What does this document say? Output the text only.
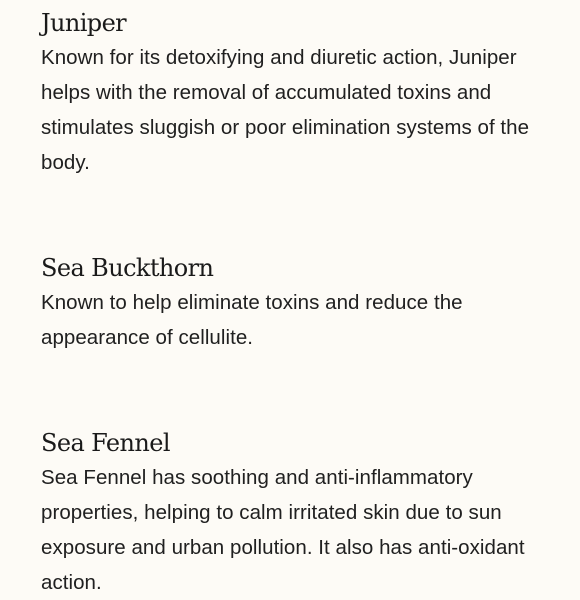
Juniper

Known for its detoxifying and diuretic action, Juniper helps with the removal of accumulated toxins and stimulates sluggish or poor elimination systems of the body.

Sea Buckthorn

Known to help eliminate toxins and reduce the appearance of cellulite.

Sea Fennel

Sea Fennel has soothing and anti-inflammatory properties, helping to calm irritated skin due to sun exposure and urban pollution. It also has anti-oxidant action.
